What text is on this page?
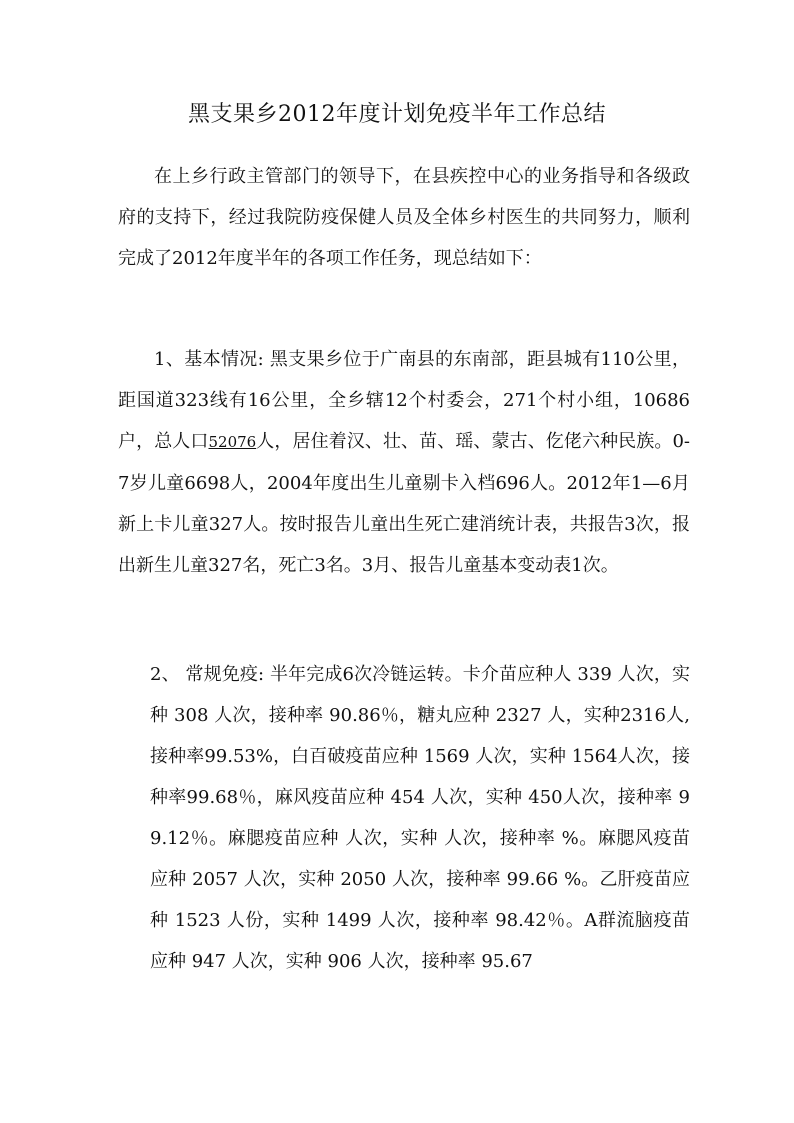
黑支果乡2012年度计划免疫半年工作总结
在上乡行政主管部门的领导下，在县疾控中心的业务指导和各级政府的支持下，经过我院防疫保健人员及全体乡村医生的共同努力，顺利完成了2012年度半年的各项工作任务，现总结如下：
1、基本情况: 黑支果乡位于广南县的东南部，距县城有110公里，距国道323线有16公里，全乡辖12个村委会，271个村小组，10686户，总人口52076人，居住着汉、壮、苗、瑶、蒙古、仡佬六种民族。0-7岁儿童6698人，2004年度出生儿童剔卡入档696人。2012年1—6月新上卡儿童327人。按时报告儿童出生死亡建消统计表，共报告3次，报出新生儿童327名，死亡3名。3月、报告儿童基本变动表1次。
2、 常规免疫: 半年完成6次冷链运转。卡介苗应种人 339 人次，实种 308 人次，接种率 90.86％，糖丸应种 2327 人，实种2316人,接种率99.53%，白百破疫苗应种 1569 人次，实种 1564人次，接种率99.68％，麻风疫苗应种 454 人次，实种 450人次，接种率 99.12％。麻腮疫苗应种 人次，实种 人次，接种率 %。麻腮风疫苗应种 2057 人次，实种 2050 人次，接种率 99.66 %。乙肝疫苗应种 1523 人份，实种 1499 人次，接种率 98.42％。A群流脑疫苗应种 947 人次，实种 906 人次，接种率 95.67
